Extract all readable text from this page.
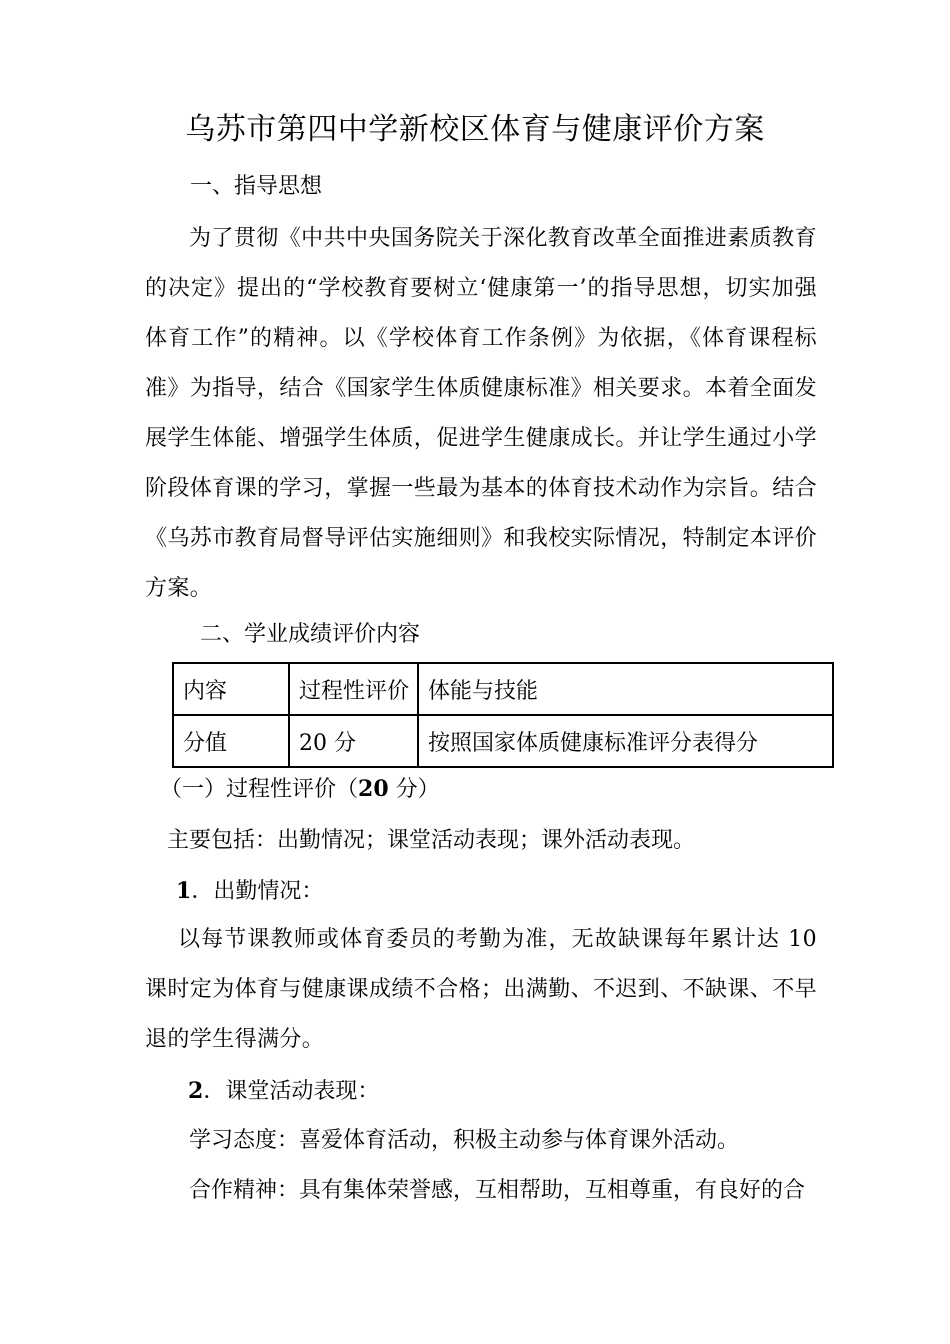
乌苏市第四中学新校区体育与健康评价方案
一、指导思想
为了贯彻《中共中央国务院关于深化教育改革全面推进素质教育的决定》提出的“学校教育要树立‘健康第一’的指导思想，切实加强体育工作”的精神。以《学校体育工作条例》为依据，《体育课程标准》为指导，结合《国家学生体质健康标准》相关要求。本着全面发展学生体能、增强学生体质，促进学生健康成长。并让学生通过小学阶段体育课的学习，掌握一些最为基本的体育技术动作为宗旨。结合《乌苏市教育局督导评估实施细则》和我校实际情况，特制定本评价方案。
二、学业成绩评价内容
内容	过程性评价	体能与技能
分值	20 分	按照国家体质健康标准评分表得分
（一）过程性评价（20 分）
主要包括：出勤情况；课堂活动表现；课外活动表现。
1．出勤情况：
以每节课教师或体育委员的考勤为准，无故缺课每年累计达 10 课时定为体育与健康课成绩不合格；出满勤、不迟到、不缺课、不早退的学生得满分。
2．课堂活动表现：
学习态度：喜爱体育活动，积极主动参与体育课外活动。
合作精神：具有集体荣誉感，互相帮助，互相尊重，有良好的合
